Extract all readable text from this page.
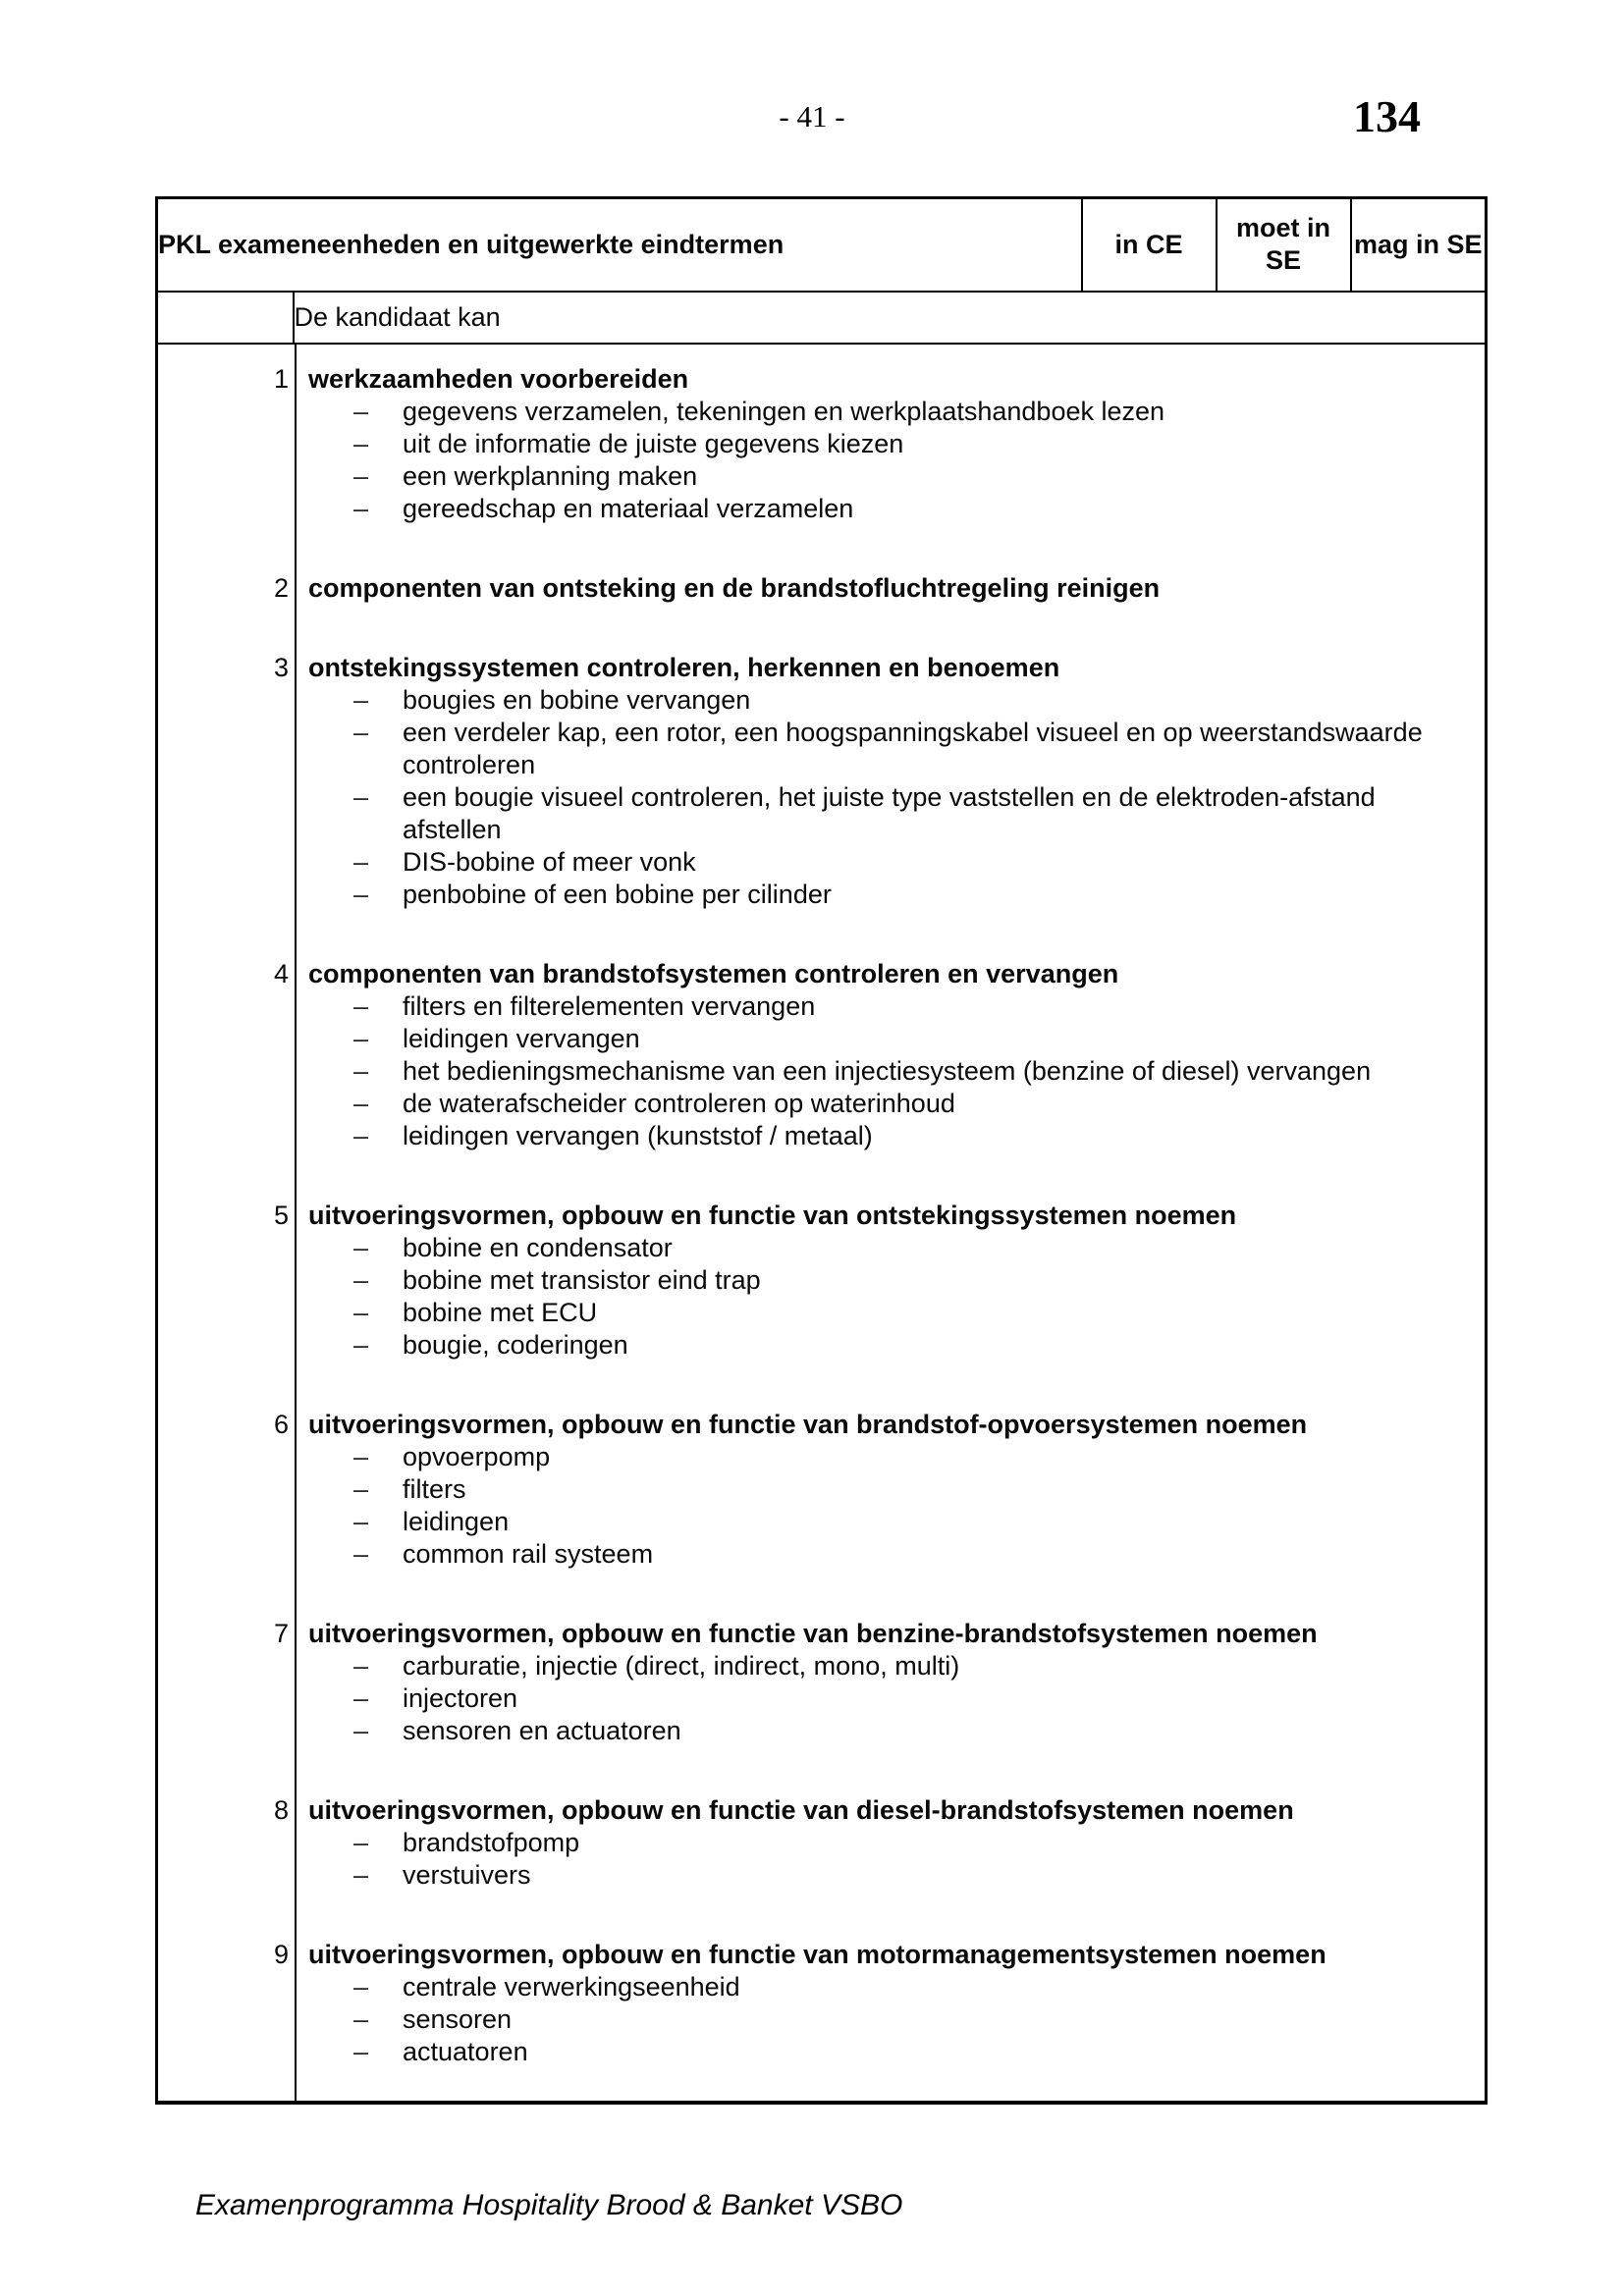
- 41 -	134
PKL exameneenheden en uitgewerkte eindtermen		in CE	moet in SE	mag in SE
	De kandidaat kan			

1 werkzaamheden voorbereiden
–	gegevens verzamelen, tekeningen en werkplaatshandboek lezen
–	uit de informatie de juiste gegevens kiezen
–	een werkplanning maken
–	gereedschap en materiaal verzamelen
2 componenten van ontsteking en de brandstofluchtregeling reinigen
3 ontstekingssystemen controleren, herkennen en benoemen
–	bougies en bobine vervangen
–	een verdeler kap, een rotor, een hoogspanningskabel visueel en op weerstandswaarde controleren
–	een bougie visueel controleren, het juiste type vaststellen en de elektroden-afstand afstellen
–	DIS-bobine of meer vonk
–	penbobine of een bobine per cilinder
4 componenten van brandstofsystemen controleren en vervangen
–	filters en filterelementen vervangen
–	leidingen vervangen
–	het bedieningsmechanisme van een injectiesysteem (benzine of diesel) vervangen
–	de waterafscheider controleren op waterinhoud
–	leidingen vervangen (kunststof / metaal)
5 uitvoeringsvormen, opbouw en functie van ontstekingssystemen noemen
–	bobine en condensator
–	bobine met transistor eind trap
–	bobine met ECU
–	bougie, coderingen
6 uitvoeringsvormen, opbouw en functie van brandstof-opvoersystemen noemen
–	opvoerpomp
–	filters
–	leidingen
–	common rail systeem
7 uitvoeringsvormen, opbouw en functie van benzine-brandstofsystemen noemen
–	carburatie, injectie (direct, indirect, mono, multi)
–	injectoren
–	sensoren en actuatoren
8 uitvoeringsvormen, opbouw en functie van diesel-brandstofsystemen noemen
–	brandstofpomp
–	verstuivers
9 uitvoeringsvormen, opbouw en functie van motormanagementsystemen noemen
–	centrale verwerkingseenheid
–	sensoren
–	actuatoren
Examenprogramma Hospitality Brood & Banket VSBO
